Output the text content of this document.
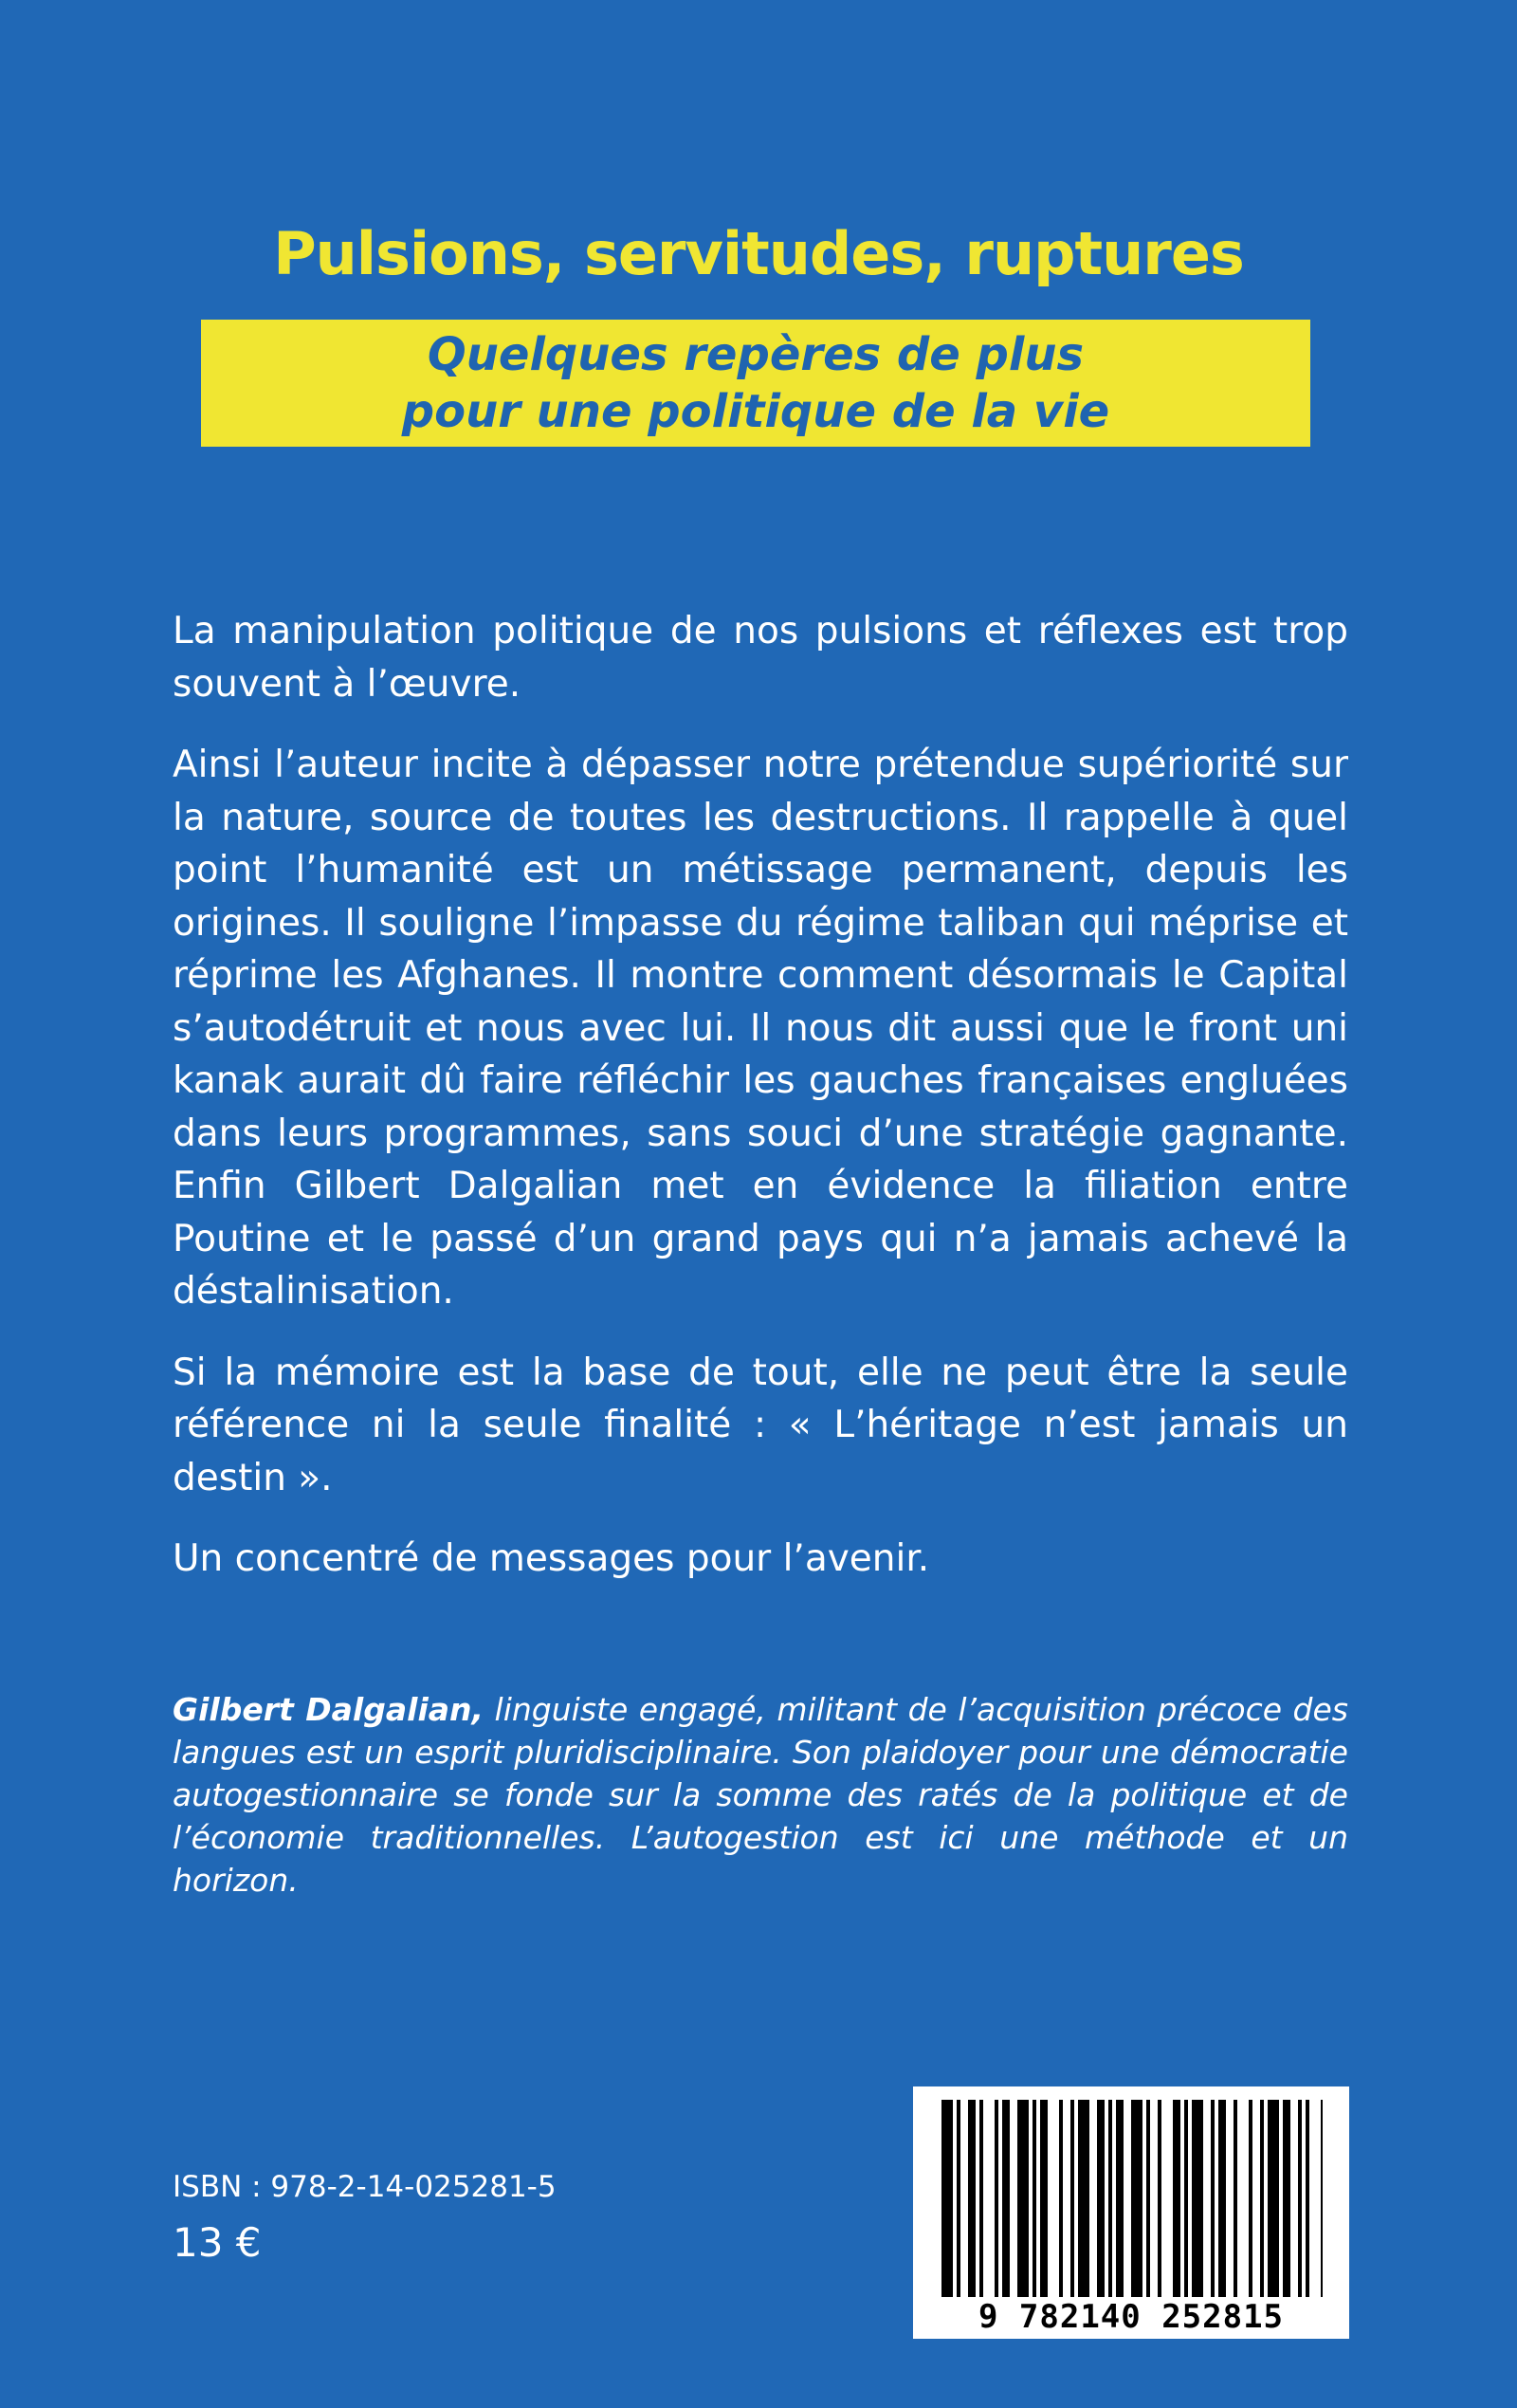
Pulsions, servitudes, ruptures
Quelques repères de plus
pour une politique de la vie

La manipulation politique de nos pulsions et réflexes est trop souvent à l’œuvre.

Ainsi l’auteur incite à dépasser notre prétendue supériorité sur la nature, source de toutes les destructions. Il rappelle à quel point l’humanité est un métissage permanent, depuis les origines. Il souligne l’impasse du régime taliban qui méprise et réprime les Afghanes. Il montre comment désormais le Capital s’autodétruit et nous avec lui. Il nous dit aussi que le front uni kanak aurait dû faire réfléchir les gauches françaises engluées dans leurs programmes, sans souci d’une stratégie gagnante. Enfin Gilbert Dalgalian met en évidence la filiation entre Poutine et le passé d’un grand pays qui n’a jamais achevé la déstalinisation.

Si la mémoire est la base de tout, elle ne peut être la seule référence ni la seule finalité : « L’héritage n’est jamais un destin ».

Un concentré de messages pour l’avenir.

Gilbert Dalgalian, linguiste engagé, militant de l’acquisition précoce des langues est un esprit pluridisciplinaire. Son plaidoyer pour une démocratie autogestionnaire se fonde sur la somme des ratés de la politique et de l’économie traditionnelles. L’autogestion est ici une méthode et un horizon.
ISBN : 978-2-14-025281-5
13 €
9 782140 252815
